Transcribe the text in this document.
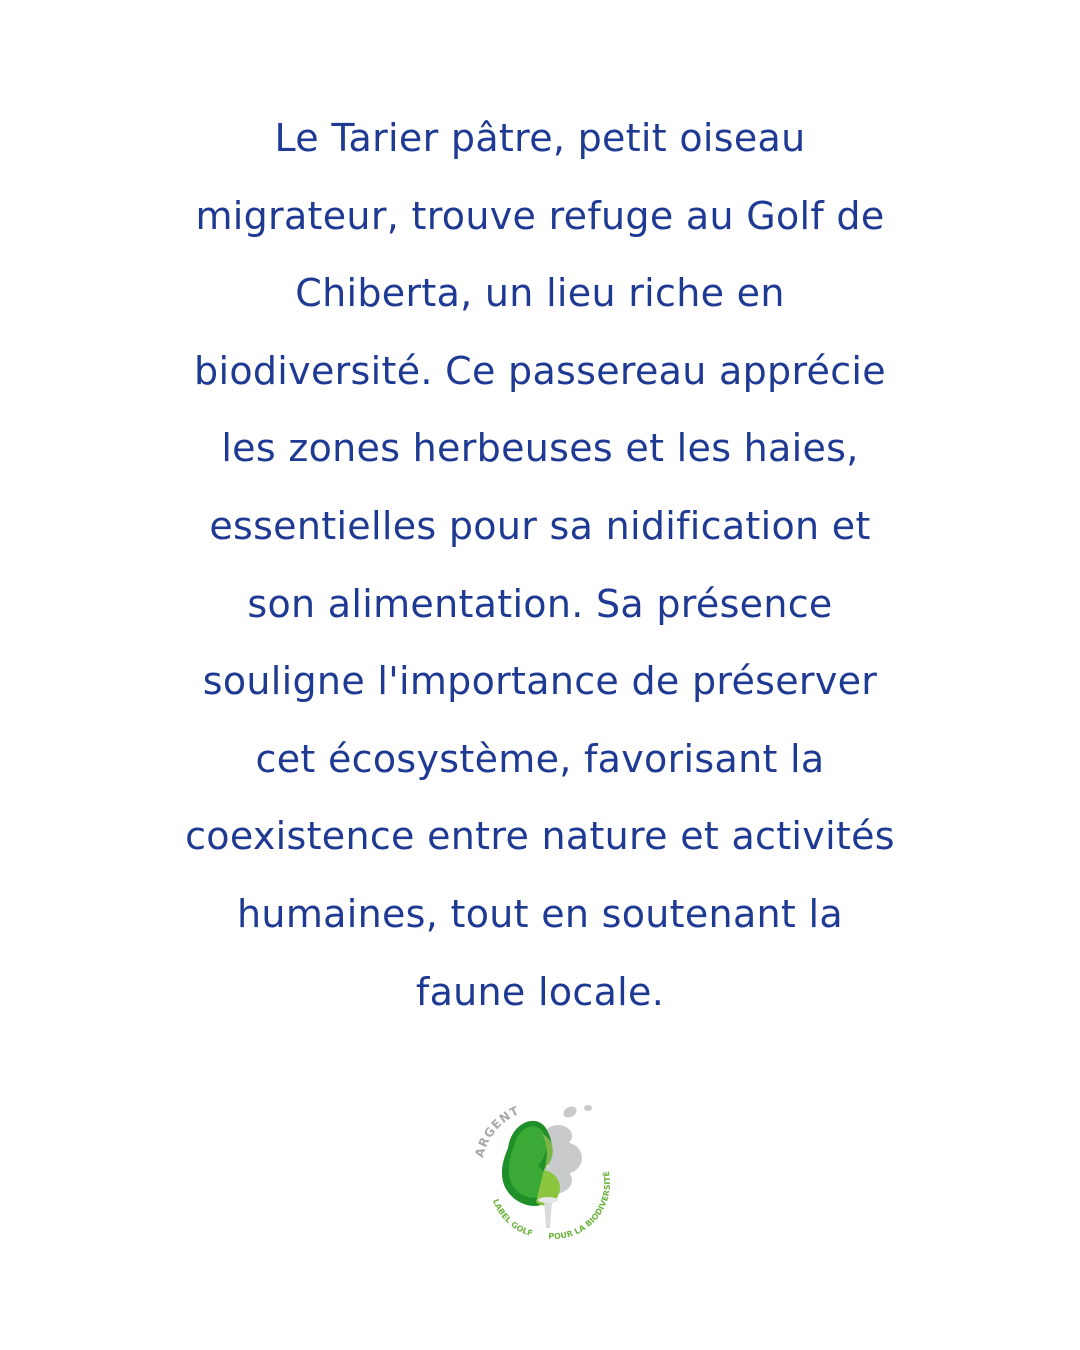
Le Tarier pâtre, petit oiseau
migrateur, trouve refuge au Golf de
Chiberta, un lieu riche en
biodiversité. Ce passereau apprécie
les zones herbeuses et les haies,
essentielles pour sa nidification et
son alimentation. Sa présence
souligne l'importance de préserver
cet écosystème, favorisant la
coexistence entre nature et activités
humaines, tout en soutenant la
faune locale.
ARGENT
LABEL GOLF POUR LA BIODIVERSITÉ
